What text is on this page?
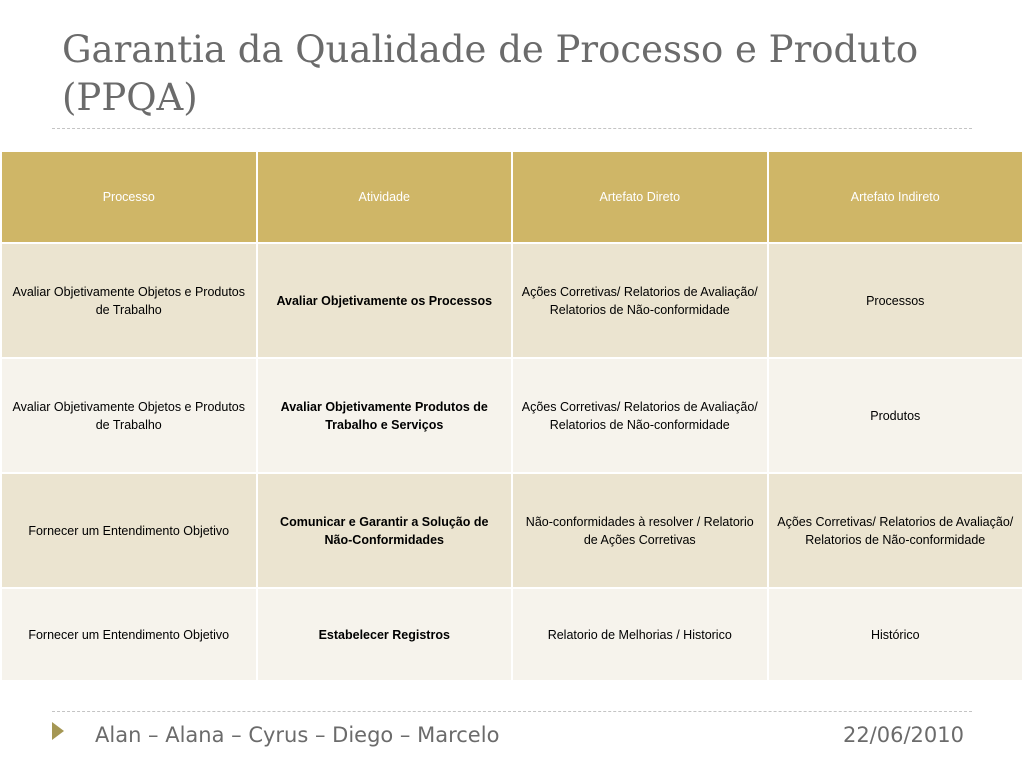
Garantia da Qualidade de Processo e Produto (PPQA)
Processo	Atividade	Artefato Direto	Artefato Indireto
Avaliar Objetivamente Objetos e Produtos de Trabalho	Avaliar Objetivamente os Processos	Ações Corretivas/ Relatorios de Avaliação/ Relatorios de Não-conformidade	Processos
Avaliar Objetivamente Objetos e Produtos de Trabalho	Avaliar Objetivamente Produtos de Trabalho e Serviços	Ações Corretivas/ Relatorios de Avaliação/ Relatorios de Não-conformidade	Produtos
Fornecer um Entendimento Objetivo	Comunicar e Garantir a Solução de Não-Conformidades	Não-conformidades à resolver / Relatorio de Ações Corretivas	Ações Corretivas/ Relatorios de Avaliação/ Relatorios de Não-conformidade
Fornecer um Entendimento Objetivo	Estabelecer Registros	Relatorio de Melhorias / Historico	Histórico
Alan – Alana – Cyrus – Diego – Marcelo	22/06/2010
